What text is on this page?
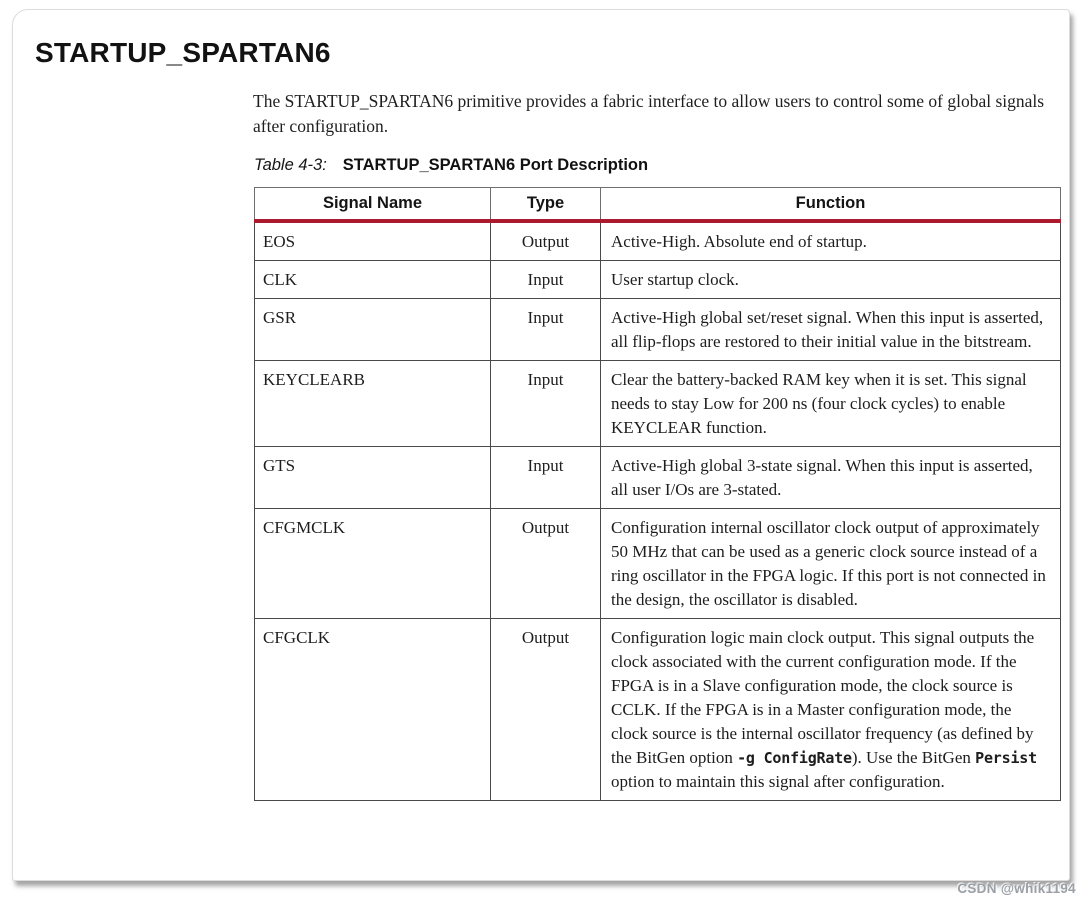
STARTUP_SPARTAN6

The STARTUP_SPARTAN6 primitive provides a fabric interface to allow users to control some of global signals after configuration.

Table 4-3: STARTUP_SPARTAN6 Port Description
Signal Name	Type	Function
EOS	Output	Active-High. Absolute end of startup.
CLK	Input	User startup clock.
GSR	Input	Active-High global set/reset signal. When this input is asserted, all flip-flops are restored to their initial value in the bitstream.
KEYCLEARB	Input	Clear the battery-backed RAM key when it is set. This signal needs to stay Low for 200 ns (four clock cycles) to enable KEYCLEAR function.
GTS	Input	Active-High global 3-state signal. When this input is asserted, all user I/Os are 3-stated.
CFGMCLK	Output	Configuration internal oscillator clock output of approximately 50 MHz that can be used as a generic clock source instead of a ring oscillator in the FPGA logic. If this port is not connected in the design, the oscillator is disabled.
CFGCLK	Output	Configuration logic main clock output. This signal outputs the clock associated with the current configuration mode. If the FPGA is in a Slave configuration mode, the clock source is CCLK. If the FPGA is in a Master configuration mode, the clock source is the internal oscillator frequency (as defined by the BitGen option -g ConfigRate). Use the BitGen Persist option to maintain this signal after configuration.
CSDN @whik1194
